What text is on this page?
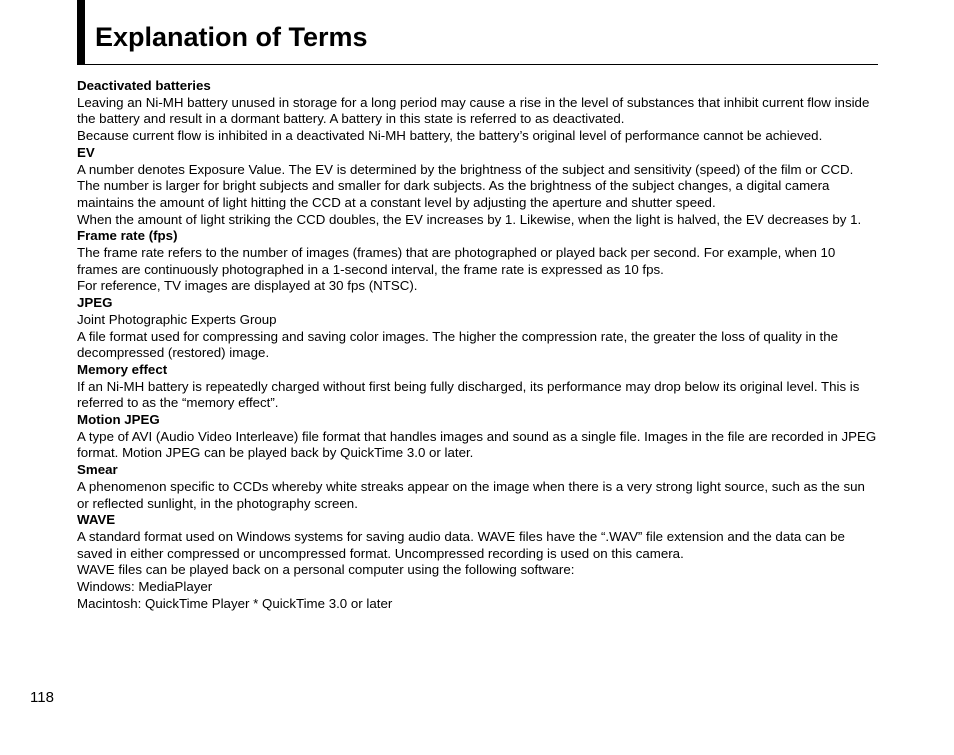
Explanation of Terms

Deactivated batteries

Leaving an Ni-MH battery unused in storage for a long period may cause a rise in the level of substances that inhibit current flow inside the battery and result in a dormant battery. A battery in this state is referred to as deactivated.

Because current flow is inhibited in a deactivated Ni-MH battery, the battery’s original level of performance cannot be achieved.

EV

A number denotes Exposure Value. The EV is determined by the brightness of the subject and sensitivity (speed) of the film or CCD. The number is larger for bright subjects and smaller for dark subjects. As the brightness of the subject changes, a digital camera maintains the amount of light hitting the CCD at a constant level by adjusting the aperture and shutter speed.

When the amount of light striking the CCD doubles, the EV increases by 1. Likewise, when the light is halved, the EV decreases by 1.

Frame rate (fps)

The frame rate refers to the number of images (frames) that are photographed or played back per second. For example, when 10 frames are continuously photographed in a 1-second interval, the frame rate is expressed as 10 fps.

For reference, TV images are displayed at 30 fps (NTSC).

JPEG

Joint Photographic Experts Group

A file format used for compressing and saving color images. The higher the compression rate, the greater the loss of quality in the decompressed (restored) image.

Memory effect

If an Ni-MH battery is repeatedly charged without first being fully discharged, its performance may drop below its original level. This is referred to as the “memory effect”.

Motion JPEG

A type of AVI (Audio Video Interleave) file format that handles images and sound as a single file. Images in the file are recorded in JPEG format. Motion JPEG can be played back by QuickTime 3.0 or later.

Smear

A phenomenon specific to CCDs whereby white streaks appear on the image when there is a very strong light source, such as the sun or reflected sunlight, in the photography screen.

WAVE

A standard format used on Windows systems for saving audio data. WAVE files have the “.WAV” file extension and the data can be saved in either compressed or uncompressed format. Uncompressed recording is used on this camera.

WAVE files can be played back on a personal computer using the following software:

Windows: MediaPlayer

Macintosh: QuickTime Player * QuickTime 3.0 or later

118
